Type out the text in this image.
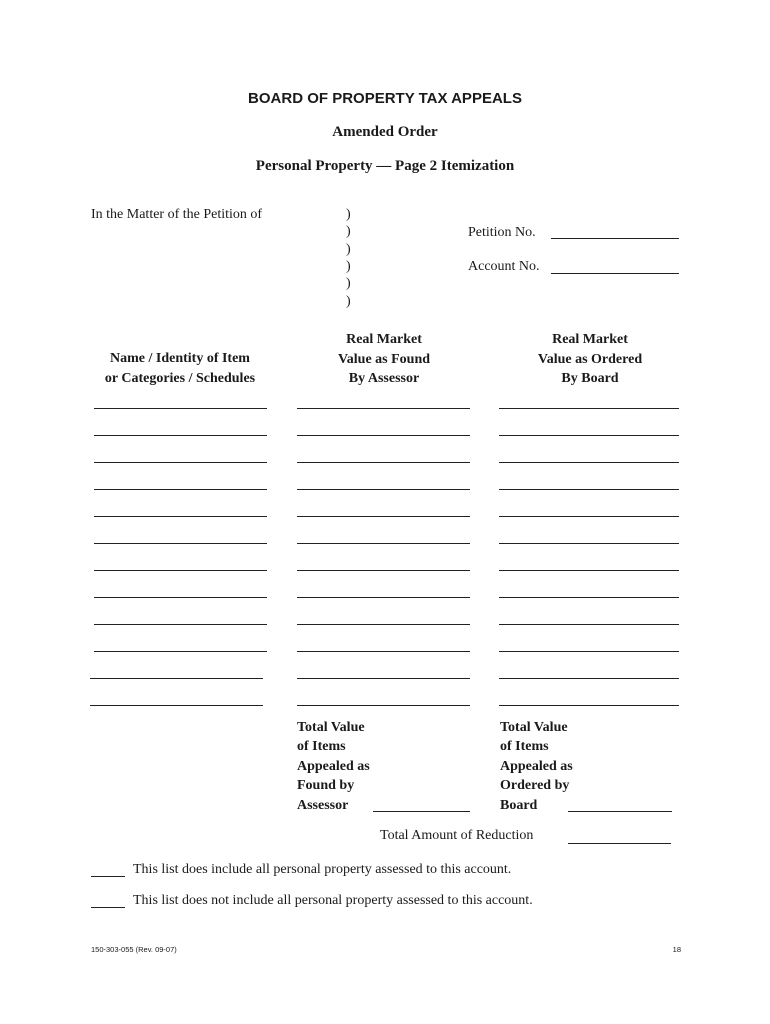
BOARD OF PROPERTY TAX APPEALS
Amended Order
Personal Property — Page 2 Itemization
In the Matter of the Petition of	)
)
)
)
)
)
Petition No.
Account No.
Name / Identity of Item
or Categories / Schedules
Real Market
Value as Found
By Assessor
Real Market
Value as Ordered
By Board
Total Value
of Items
Appealed as
Found by
Assessor
Total Value
of Items
Appealed as
Ordered by
Board
Total Amount of Reduction
This list does include all personal property assessed to this account.
This list does not include all personal property assessed to this account.
150-303-055 (Rev. 09-07)	18
